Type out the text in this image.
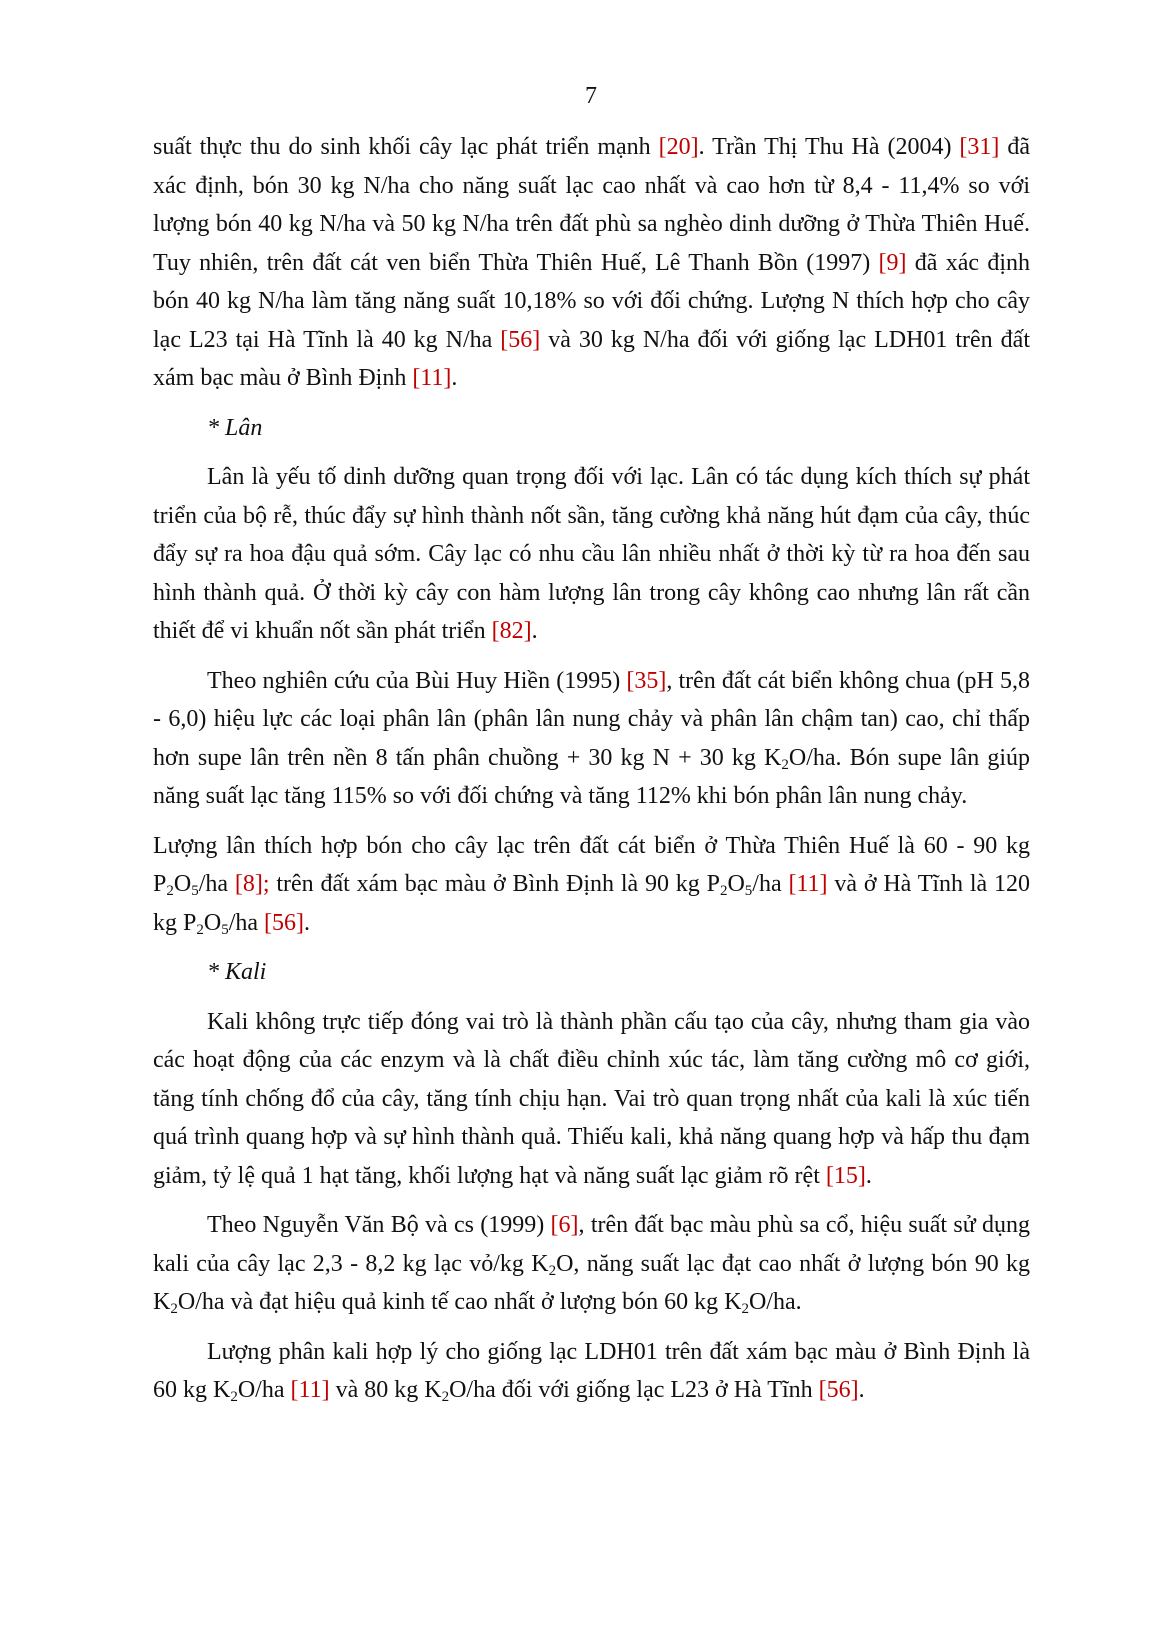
7

suất thực thu do sinh khối cây lạc phát triển mạnh [20]. Trần Thị Thu Hà (2004) [31] đã xác định, bón 30 kg N/ha cho năng suất lạc cao nhất và cao hơn từ 8,4 - 11,4% so với lượng bón 40 kg N/ha và 50 kg N/ha trên đất phù sa nghèo dinh dưỡng ở Thừa Thiên Huế. Tuy nhiên, trên đất cát ven biển Thừa Thiên Huế, Lê Thanh Bồn (1997) [9] đã xác định bón 40 kg N/ha làm tăng năng suất 10,18% so với đối chứng. Lượng N thích hợp cho cây lạc L23 tại Hà Tĩnh là 40 kg N/ha [56] và 30 kg N/ha đối với giống lạc LDH01 trên đất xám bạc màu ở Bình Định [11].

* Lân

Lân là yếu tố dinh dưỡng quan trọng đối với lạc. Lân có tác dụng kích thích sự phát triển của bộ rễ, thúc đẩy sự hình thành nốt sần, tăng cường khả năng hút đạm của cây, thúc đẩy sự ra hoa đậu quả sớm. Cây lạc có nhu cầu lân nhiều nhất ở thời kỳ từ ra hoa đến sau hình thành quả. Ở thời kỳ cây con hàm lượng lân trong cây không cao nhưng lân rất cần thiết để vi khuẩn nốt sần phát triển [82].

Theo nghiên cứu của Bùi Huy Hiền (1995) [35], trên đất cát biển không chua (pH 5,8 - 6,0) hiệu lực các loại phân lân (phân lân nung chảy và phân lân chậm tan) cao, chỉ thấp hơn supe lân trên nền 8 tấn phân chuồng + 30 kg N + 30 kg $K_2O/ha$. Bón supe lân giúp năng suất lạc tăng 115% so với đối chứng và tăng 112% khi bón phân lân nung chảy.

Lượng lân thích hợp bón cho cây lạc trên đất cát biển ở Thừa Thiên Huế là 60 - 90 kg $P_2O_5/ha$ [8]; trên đất xám bạc màu ở Bình Định là 90 kg $P_2O_5/ha$ [11] và ở Hà Tĩnh là 120 kg $P_2O_5/ha$ [56].

* Kali

Kali không trực tiếp đóng vai trò là thành phần cấu tạo của cây, nhưng tham gia vào các hoạt động của các enzym và là chất điều chỉnh xúc tác, làm tăng cường mô cơ giới, tăng tính chống đổ của cây, tăng tính chịu hạn. Vai trò quan trọng nhất của kali là xúc tiến quá trình quang hợp và sự hình thành quả. Thiếu kali, khả năng quang hợp và hấp thu đạm giảm, tỷ lệ quả 1 hạt tăng, khối lượng hạt và năng suất lạc giảm rõ rệt [15].

Theo Nguyễn Văn Bộ và cs (1999) [6], trên đất bạc màu phù sa cổ, hiệu suất sử dụng kali của cây lạc 2,3 - 8,2 kg lạc vỏ/kg $K_2O$, năng suất lạc đạt cao nhất ở lượng bón 90 kg $K_2O/ha$ và đạt hiệu quả kinh tế cao nhất ở lượng bón 60 kg $K_2O/ha$.

Lượng phân kali hợp lý cho giống lạc LDH01 trên đất xám bạc màu ở Bình Định là 60 kg $K_2O/ha$ [11] và 80 kg $K_2O/ha$ đối với giống lạc L23 ở Hà Tĩnh [56].
